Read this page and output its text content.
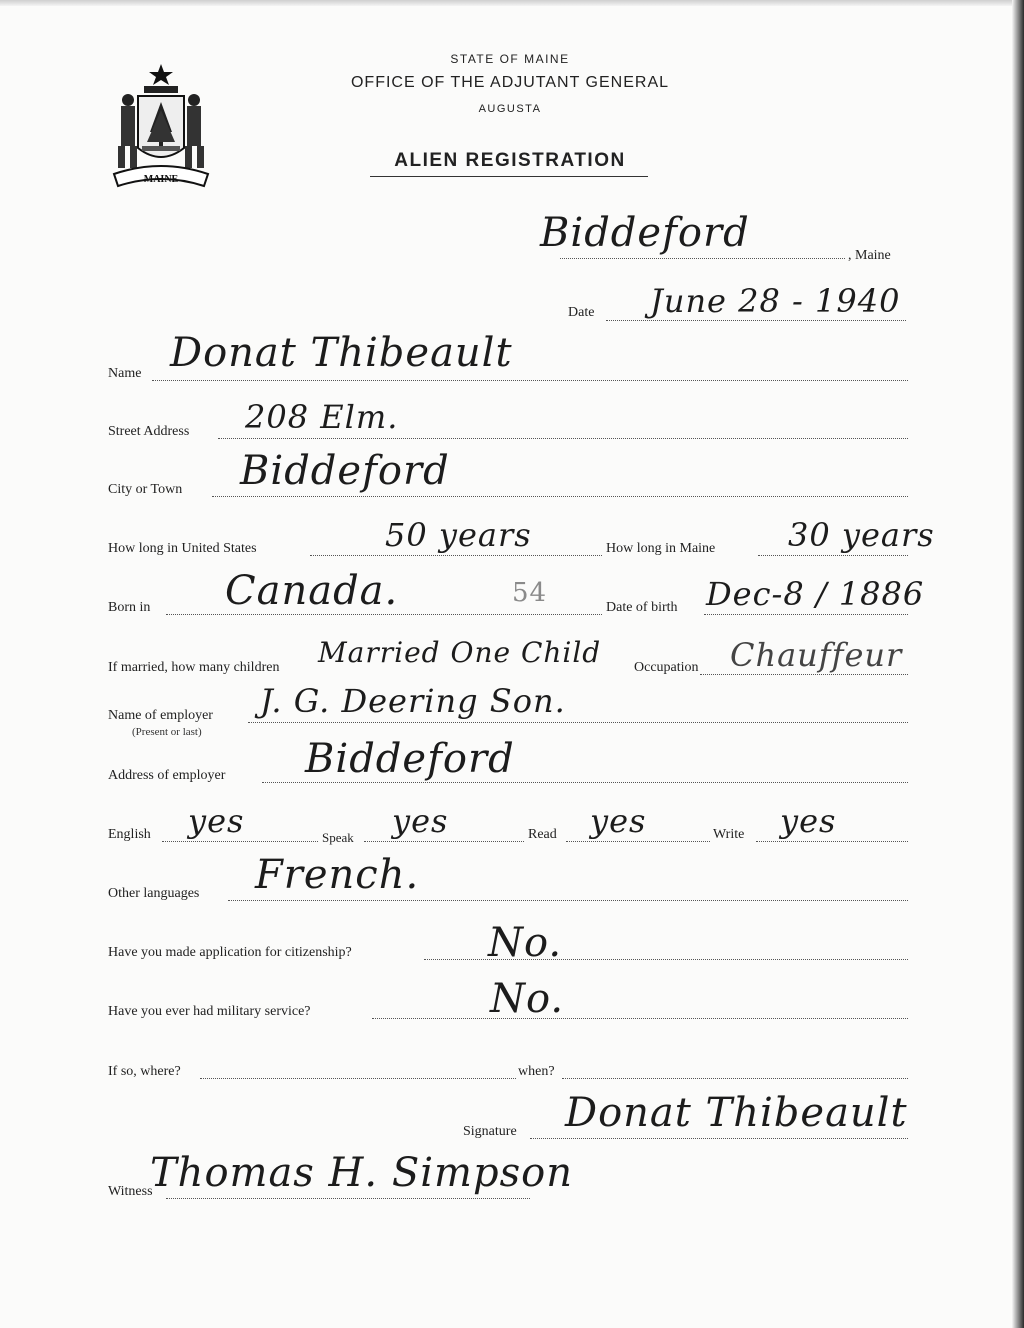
MAINE
STATE OF MAINE
OFFICE OF THE ADJUTANT GENERAL
AUGUSTA
ALIEN REGISTRATION
Biddeford	, Maine
Date June 28 - 1940
Name Donat Thibeault
Street Address 208 Elm.
City or Town Biddeford
How long in United States	50 years	How long in Maine 30 years
Born in Canada.	54	Date of birth Dec-8 / 1886
If married, how many children Married One Child Occupation Chauffeur
Name of employer
(Present or last)
J. G. Deering Son.
Address of employer Biddeford
English yes	Speak yes	Read yes	Write yes
Other languages French.
Have you made application for citizenship?	No.
Have you ever had military service?	No.
If so, where?	when?
Signature Donat Thibeault
Witness
Thomas H. Simpson
